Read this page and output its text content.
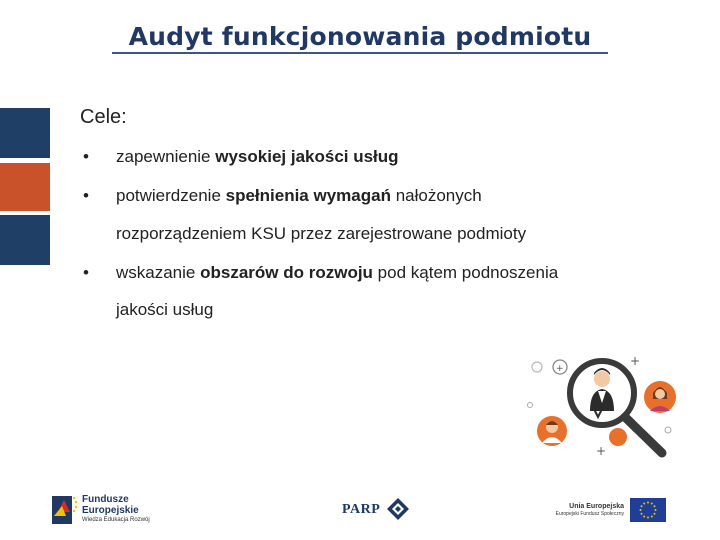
Audyt funkcjonowania podmiotu
Cele:
• zapewnienie wysokiej jakości usług
• potwierdzenie spełnienia wymagań nałożonych
rozporządzeniem KSU przez zarejestrowane podmioty
• wskazanie obszarów do rozwoju pod kątem podnoszenia
jakości usług
+
+
+
Fundusze
Europejskie
Wiedza Edukacja Rozwój
PARP	Unia Europejska
Europejski Fundusz Społeczny
